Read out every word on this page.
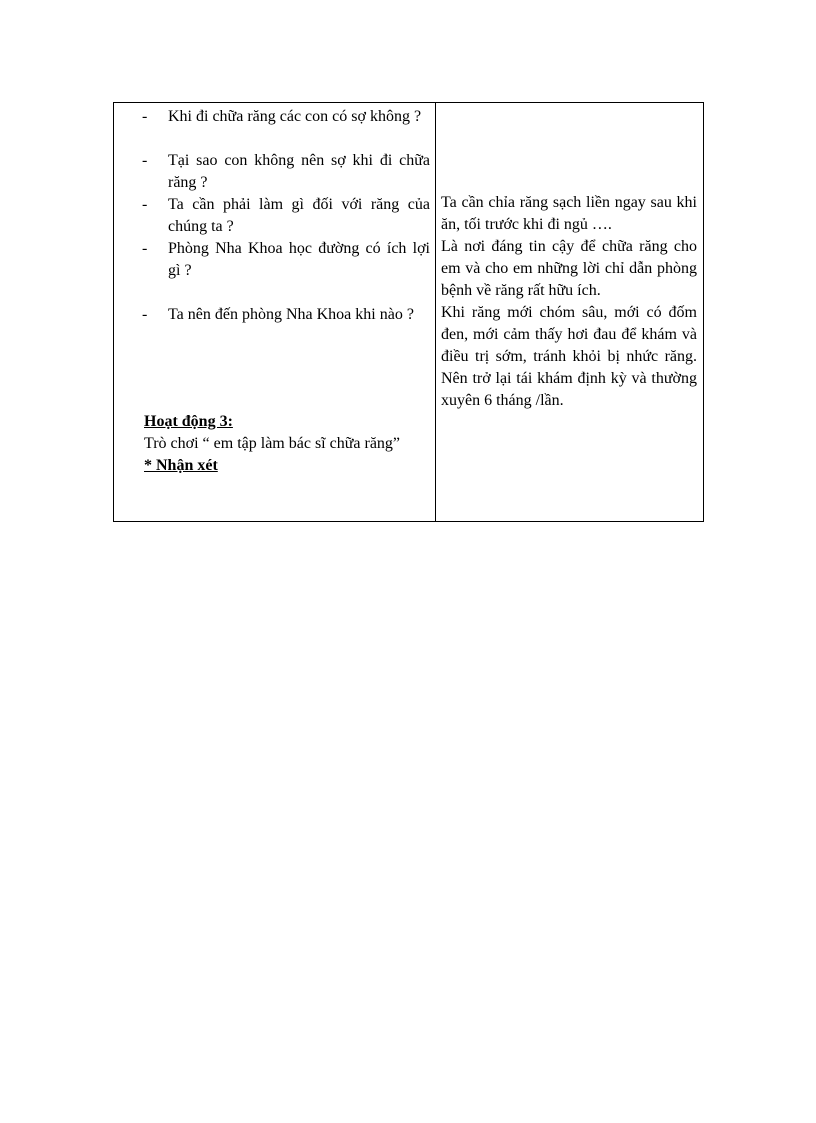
- Khi đi chữa răng các con có sợ không ?
- Tại sao con không nên sợ khi đi chữa răng ?
- Ta cần phải làm gì đối với răng của chúng ta ?
- Phòng Nha Khoa học đường có ích lợi gì ?
- Ta nên đến phòng Nha Khoa khi nào ?
Hoạt động 3:
Trò chơi “ em tập làm bác sĩ chữa răng”
* Nhận xét

Ta cần chỉa răng sạch liền ngay sau khi ăn, tối trước khi đi ngủ ….

Là nơi đáng tin cậy để chữa răng cho em và cho em những lời chỉ dẫn phòng bệnh về răng rất hữu ích.

Khi răng mới chóm sâu, mới có đốm đen, mới cảm thấy hơi đau để khám và điều trị sớm, tránh khỏi bị nhức răng. Nên trở lại tái khám định kỳ và thường xuyên 6 tháng /lần.
